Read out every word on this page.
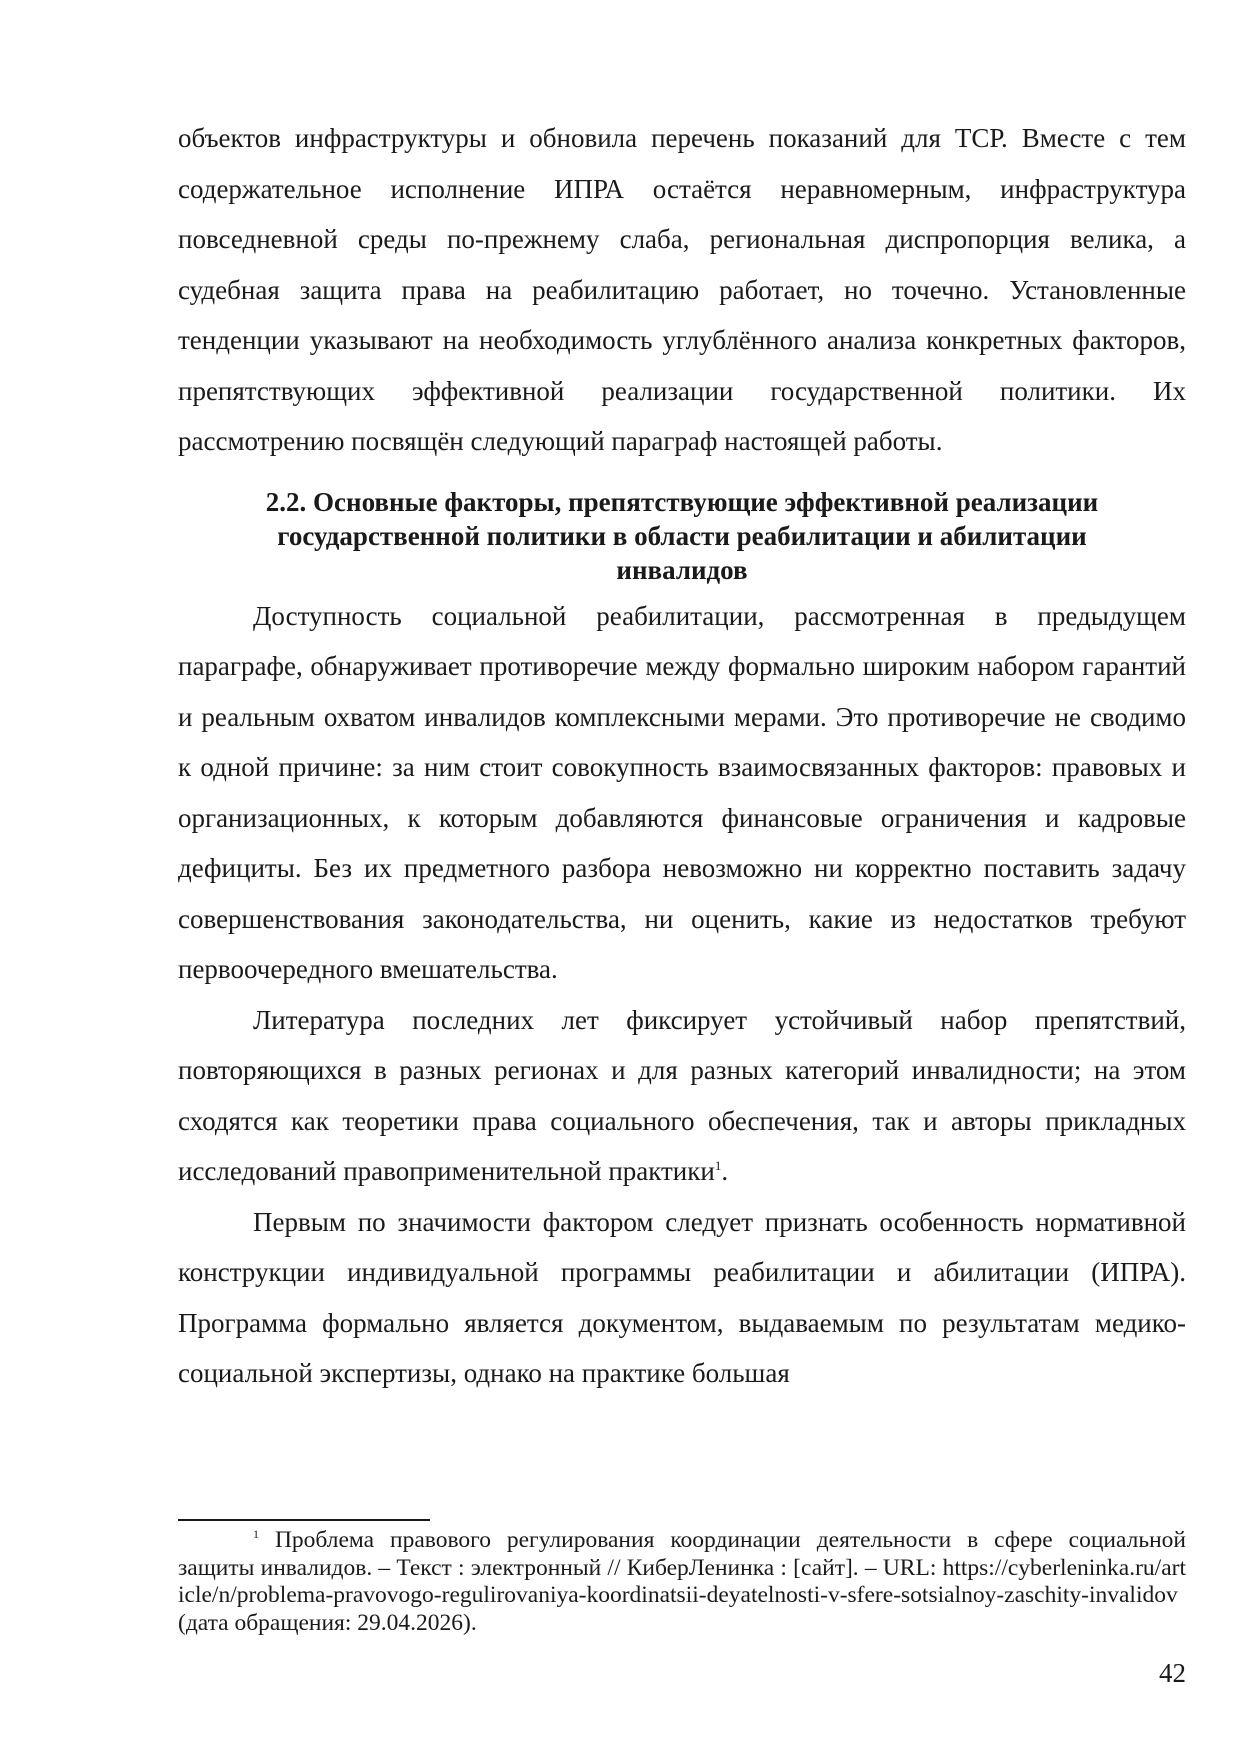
объектов инфраструктуры и обновила перечень показаний для ТСР. Вместе с тем содержательное исполнение ИПРА остаётся неравномерным, инфраструктура повседневной среды по-прежнему слаба, региональная диспропорция велика, а судебная защита права на реабилитацию работает, но точечно. Установленные тенденции указывают на необходимость углублённого анализа конкретных факторов, препятствующих эффективной реализации государственной политики. Их рассмотрению посвящён следующий параграф настоящей работы.

2.2. Основные факторы, препятствующие эффективной реализации
государственной политики в области реабилитации и абилитации
инвалидов

Доступность социальной реабилитации, рассмотренная в предыдущем параграфе, обнаруживает противоречие между формально широким набором гарантий и реальным охватом инвалидов комплексными мерами. Это противоречие не сводимо к одной причине: за ним стоит совокупность взаимосвязанных факторов: правовых и организационных, к которым добавляются финансовые ограничения и кадровые дефициты. Без их предметного разбора невозможно ни корректно поставить задачу совершенствования законодательства, ни оценить, какие из недостатков требуют первоочередного вмешательства.

Литература последних лет фиксирует устойчивый набор препятствий, повторяющихся в разных регионах и для разных категорий инвалидности; на этом сходятся как теоретики права социального обеспечения, так и авторы прикладных исследований правоприменительной практики$^1$.

Первым по значимости фактором следует признать особенность нормативной конструкции индивидуальной программы реабилитации и абилитации (ИПРА). Программа формально является документом, выдаваемым по результатам медико-социальной экспертизы, однако на практике большая

$^1$ Проблема правового регулирования координации деятельности в сфере социальной защиты инвалидов. – Текст : электронный // КиберЛенинка : [сайт]. – URL: https://cyberleninka.ru/article/n/problema-pravovogo-regulirovaniya-koordinatsii-deyatelnosti-v-sfere-sotsialnoy-zaschity-invalidov (дата обращения: 29.04.2026).
42
